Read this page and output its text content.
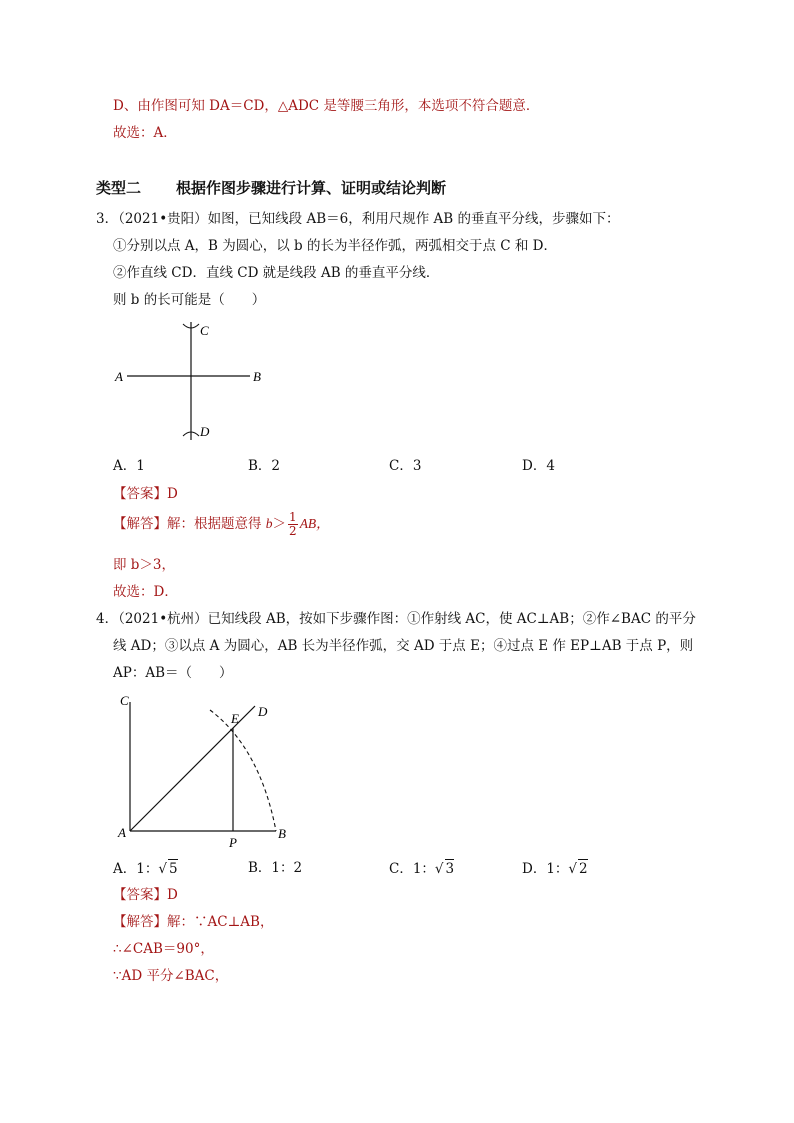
D、由作图可知 DA＝CD，△ADC 是等腰三角形，本选项不符合题意．
故选：A．
类型二 根据作图步骤进行计算、证明或结论判断
3．（2021•贵阳）如图，已知线段 AB＝6，利用尺规作 AB 的垂直平分线，步骤如下：
①分别以点 A，B 为圆心，以 b 的长为半径作弧，两弧相交于点 C 和 D．
②作直线 CD．直线 CD 就是线段 AB 的垂直平分线．
则 b 的长可能是（　　）
A	B
C
D
A．1	B．2	C．3	D．4
【答案】D
【解答】解：根据题意得 $b> \frac{1}{2}$ AB，
即 b＞3，
故选：D．
4．（2021•杭州）已知线段 AB，按如下步骤作图：①作射线 AC，使 AC⊥AB；②作∠BAC 的平分
线 AD；③以点 A 为圆心，AB 长为半径作弧，交 AD 于点 E；④过点 E 作 EP⊥AB 于点 P，则
AP：AB＝（　　）
C
A	B
P
E D
A．1：√ 5	B．1：2	C．1：√ 3	D．1：√ 2
【答案】D
【解答】解：∵AC⊥AB，
∴∠CAB＝90°，
∵AD 平分∠BAC，
